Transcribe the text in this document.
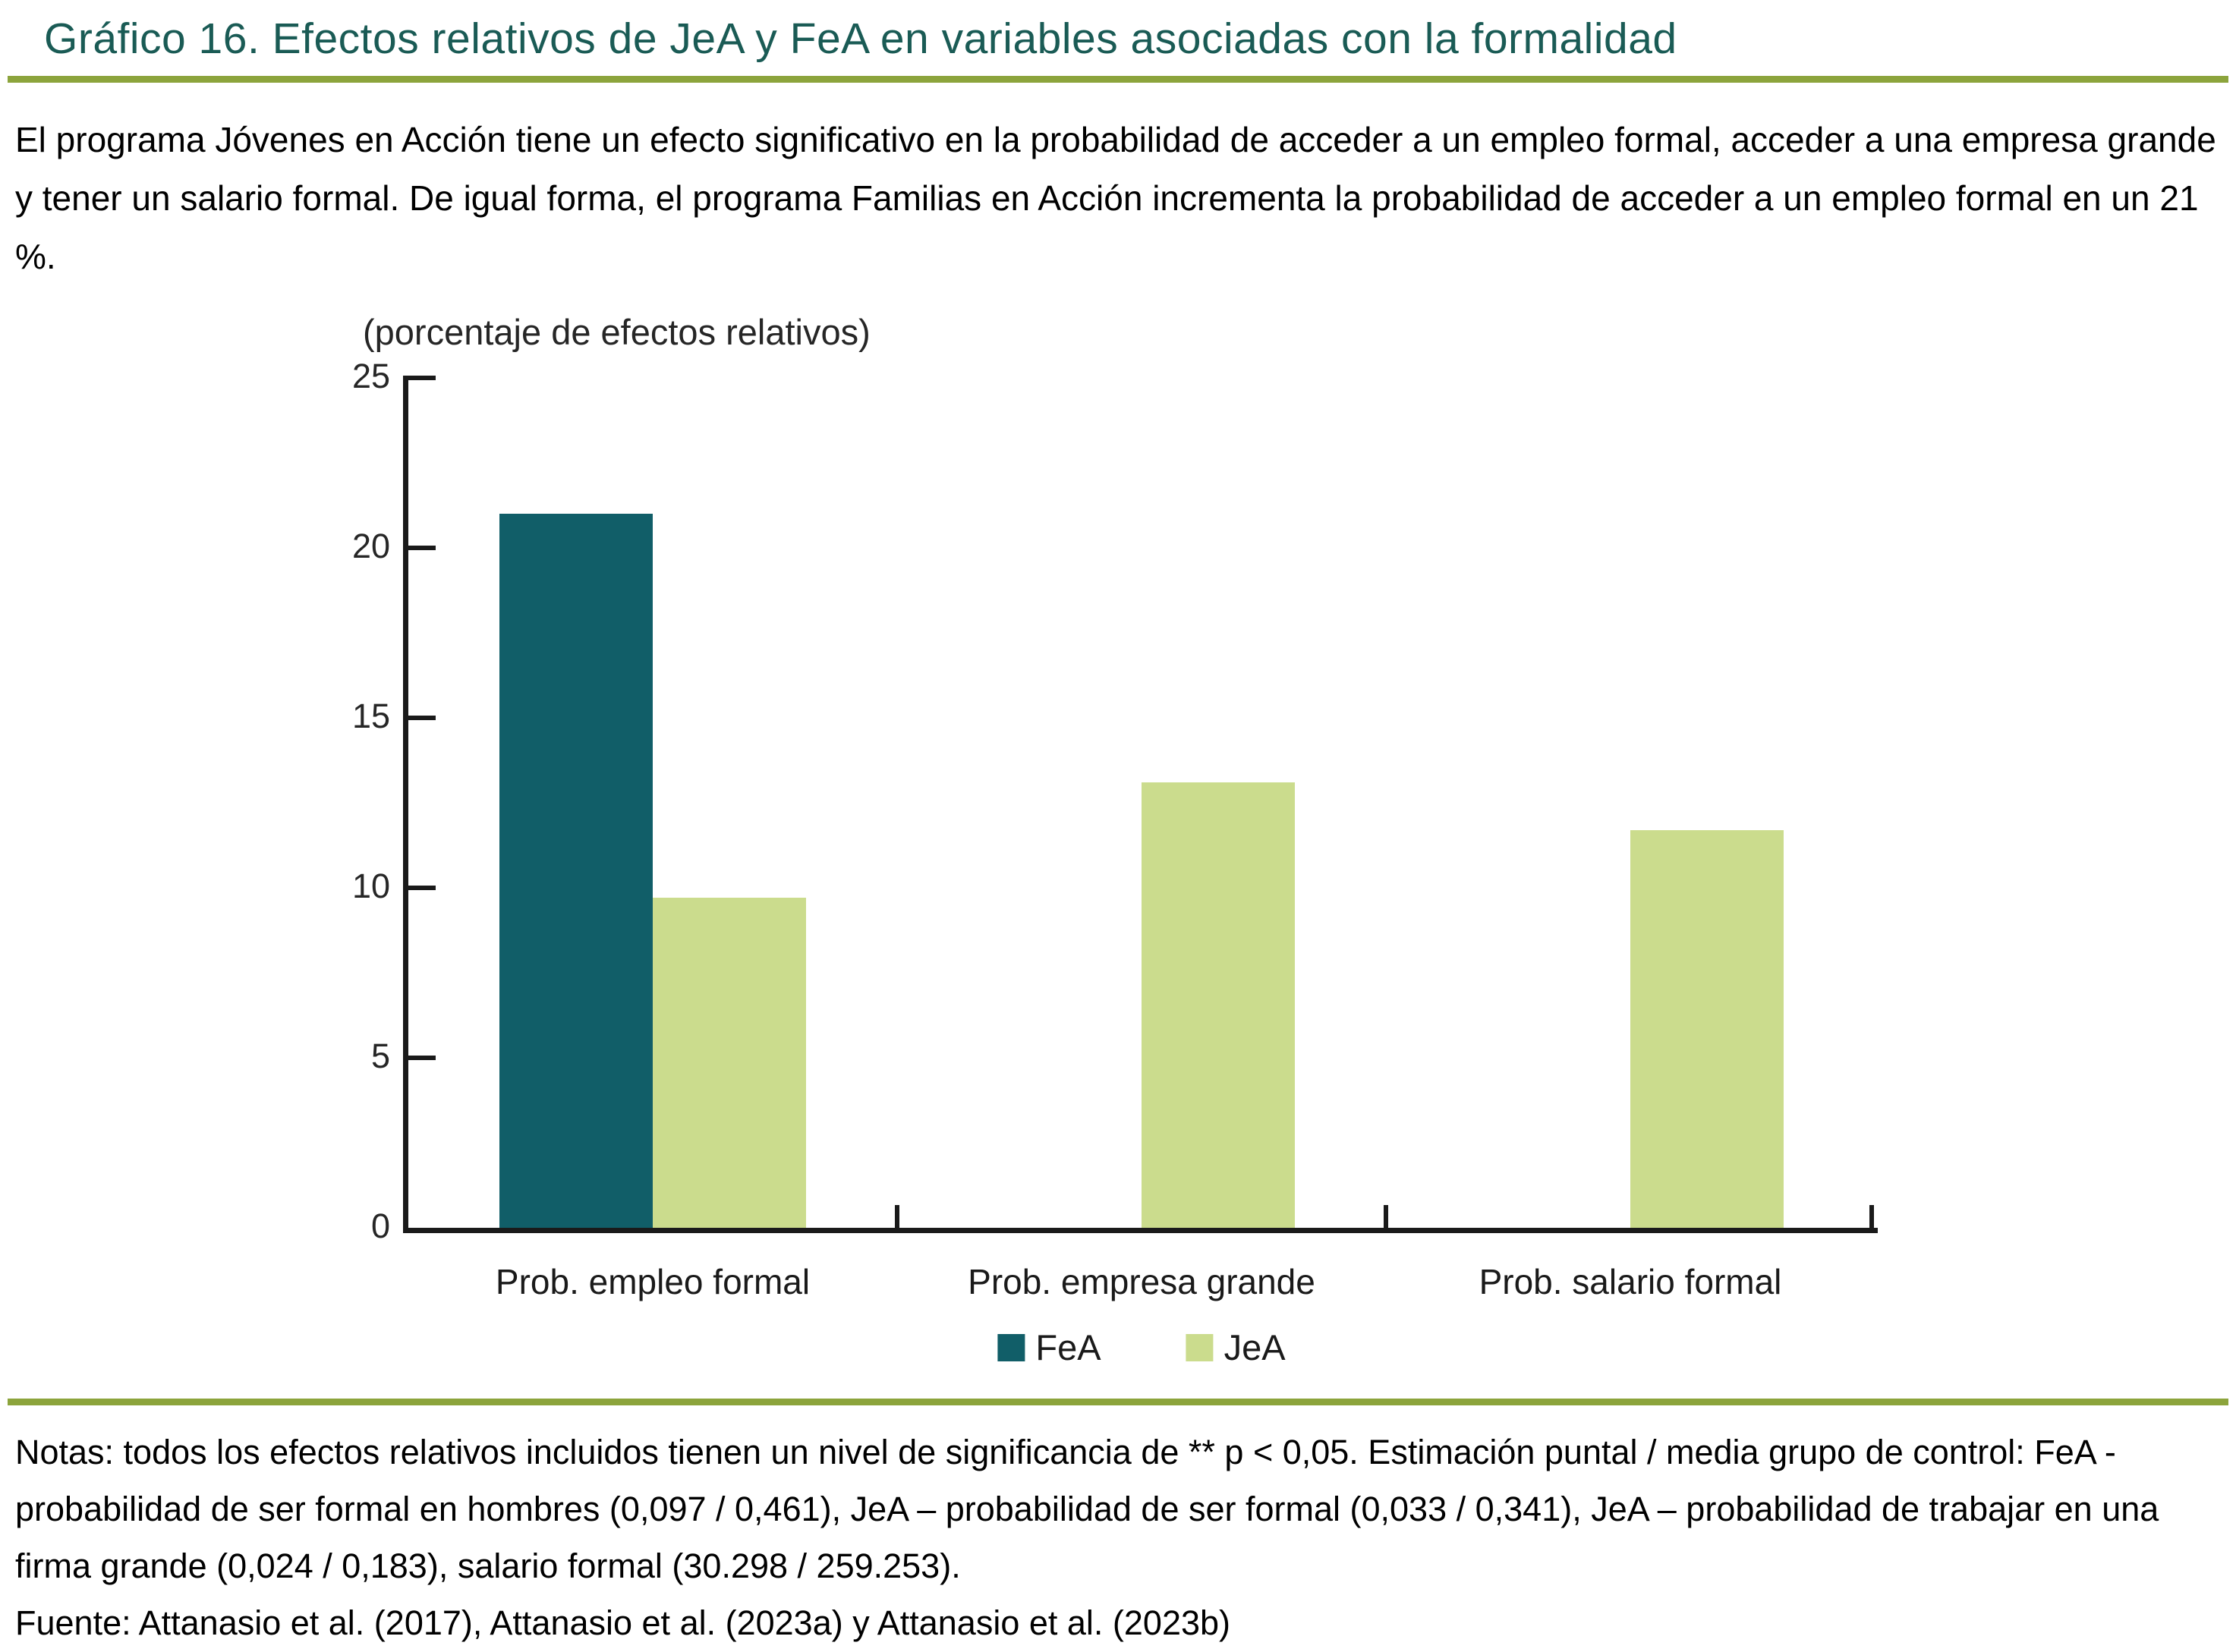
Gráfico 16. Efectos relativos de JeA y FeA en variables asociadas con la formalidad
El programa Jóvenes en Acción tiene un efecto significativo en la probabilidad de acceder a un empleo formal, acceder a una empresa grande y tener un salario formal. De igual forma, el programa Familias en Acción incrementa la probabilidad de acceder a un empleo formal en un 21 %.
(porcentaje de efectos relativos)
0
5
10
15
20
25
Prob. empleo formal	Prob. empresa grande	Prob. salario formal
FeA	JeA
Notas: todos los efectos relativos incluidos tienen un nivel de significancia de ** p < 0,05. Estimación puntal / media grupo de control: FeA - probabilidad de ser formal en hombres (0,097 / 0,461), JeA – probabilidad de ser formal (0,033 / 0,341), JeA – probabilidad de trabajar en una firma grande (0,024 / 0,183), salario formal (30.298 / 259.253).
Fuente: Attanasio et al. (2017), Attanasio et al. (2023a) y Attanasio et al. (2023b)
